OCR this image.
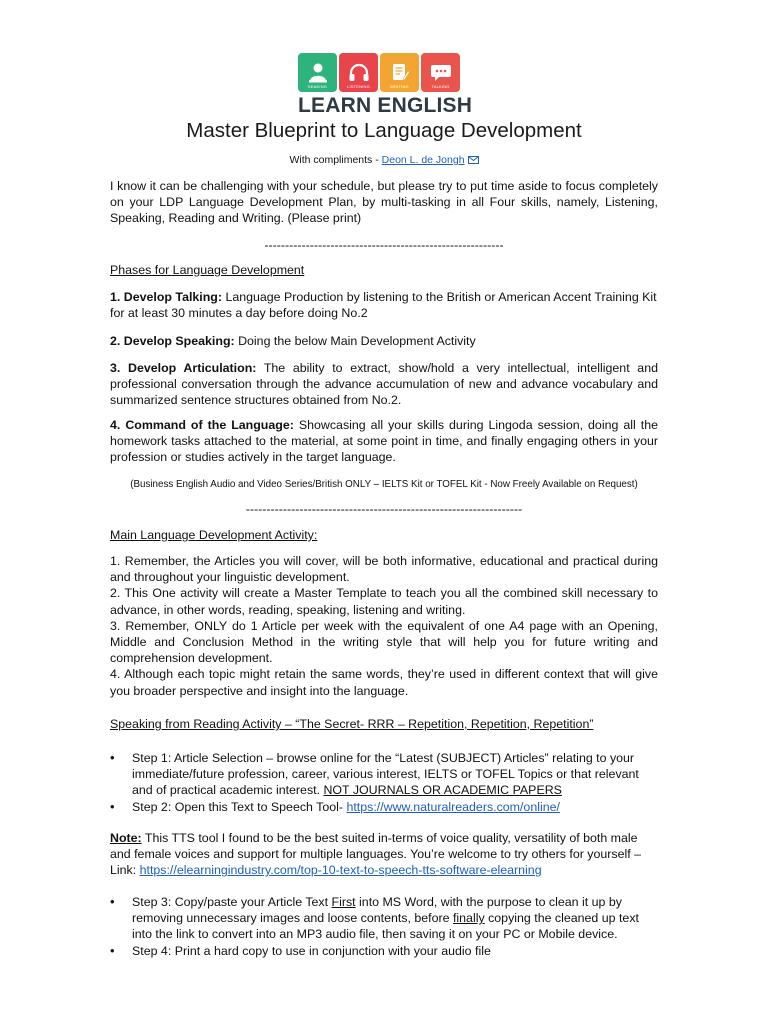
SEAKING	LISTENING	WRITING	TALKING
LEARN ENGLISH
Master Blueprint to Language Development
With compliments - Deon L. de Jongh

I know it can be challenging with your schedule, but please try to put time aside to focus completely on your LDP Language Development Plan, by multi-tasking in all Four skills, namely, Listening, Speaking, Reading and Writing. (Please print)

----------------------------------------------------------
Phases for Language Development

1. Develop Talking: Language Production by listening to the British or American Accent Training Kit for at least 30 minutes a day before doing No.2

2. Develop Speaking: Doing the below Main Development Activity

3. Develop Articulation: The ability to extract, show/hold a very intellectual, intelligent and professional conversation through the advance accumulation of new and advance vocabulary and summarized sentence structures obtained from No.2.

4. Command of the Language: Showcasing all your skills during Lingoda session, doing all the homework tasks attached to the material, at some point in time, and finally engaging others in your profession or studies actively in the target language.

(Business English Audio and Video Series/British ONLY – IELTS Kit or TOFEL Kit - Now Freely Available on Request)
-------------------------------------------------------------------
Main Language Development Activity:

1. Remember, the Articles you will cover, will be both informative, educational and practical during and throughout your linguistic development.

2. This One activity will create a Master Template to teach you all the combined skill necessary to advance, in other words, reading, speaking, listening and writing.

3. Remember, ONLY do 1 Article per week with the equivalent of one A4 page with an Opening, Middle and Conclusion Method in the writing style that will help you for future writing and comprehension development.

4. Although each topic might retain the same words, they’re used in different context that will give you broader perspective and insight into the language.

Speaking from Reading Activity – “The Secret- RRR – Repetition, Repetition, Repetition”
• Step 1: Article Selection – browse online for the “Latest (SUBJECT) Articles” relating to your immediate/future profession, career, various interest, IELTS or TOFEL Topics or that relevant and of practical academic interest. NOT JOURNALS OR ACADEMIC PAPERS
• Step 2: Open this Text to Speech Tool- https://www.naturalreaders.com/online/

Note: This TTS tool I found to be the best suited in-terms of voice quality, versatility of both male and female voices and support for multiple languages. You’re welcome to try others for yourself – Link: https://elearningindustry.com/top-10-text-to-speech-tts-software-elearning

• Step 3: Copy/paste your Article Text First into MS Word, with the purpose to clean it up by removing unnecessary images and loose contents, before finally copying the cleaned up text into the link to convert into an MP3 audio file, then saving it on your PC or Mobile device.
• Step 4: Print a hard copy to use in conjunction with your audio file
